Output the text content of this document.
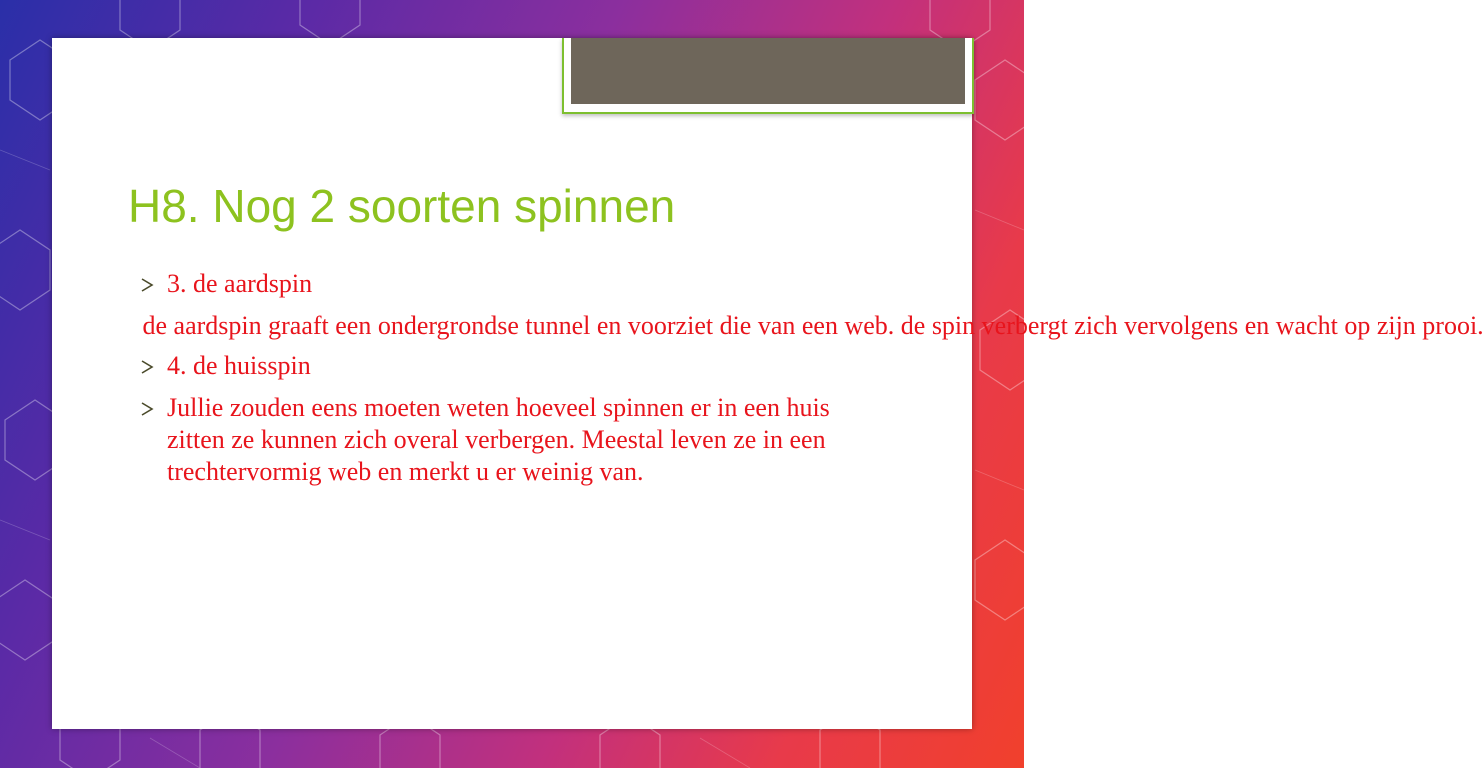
H8. Nog 2 soorten spinnen

3. de aardspin

de aardspin graaft een ondergrondse tunnel en voorziet die van een web. de spin verbergt zich vervolgens en wacht op zijn prooi.

4. de huisspin

Jullie zouden eens moeten weten hoeveel spinnen er in een huis zitten ze kunnen zich overal verbergen. Meestal leven ze in een trechtervormig web en merkt u er weinig van.
